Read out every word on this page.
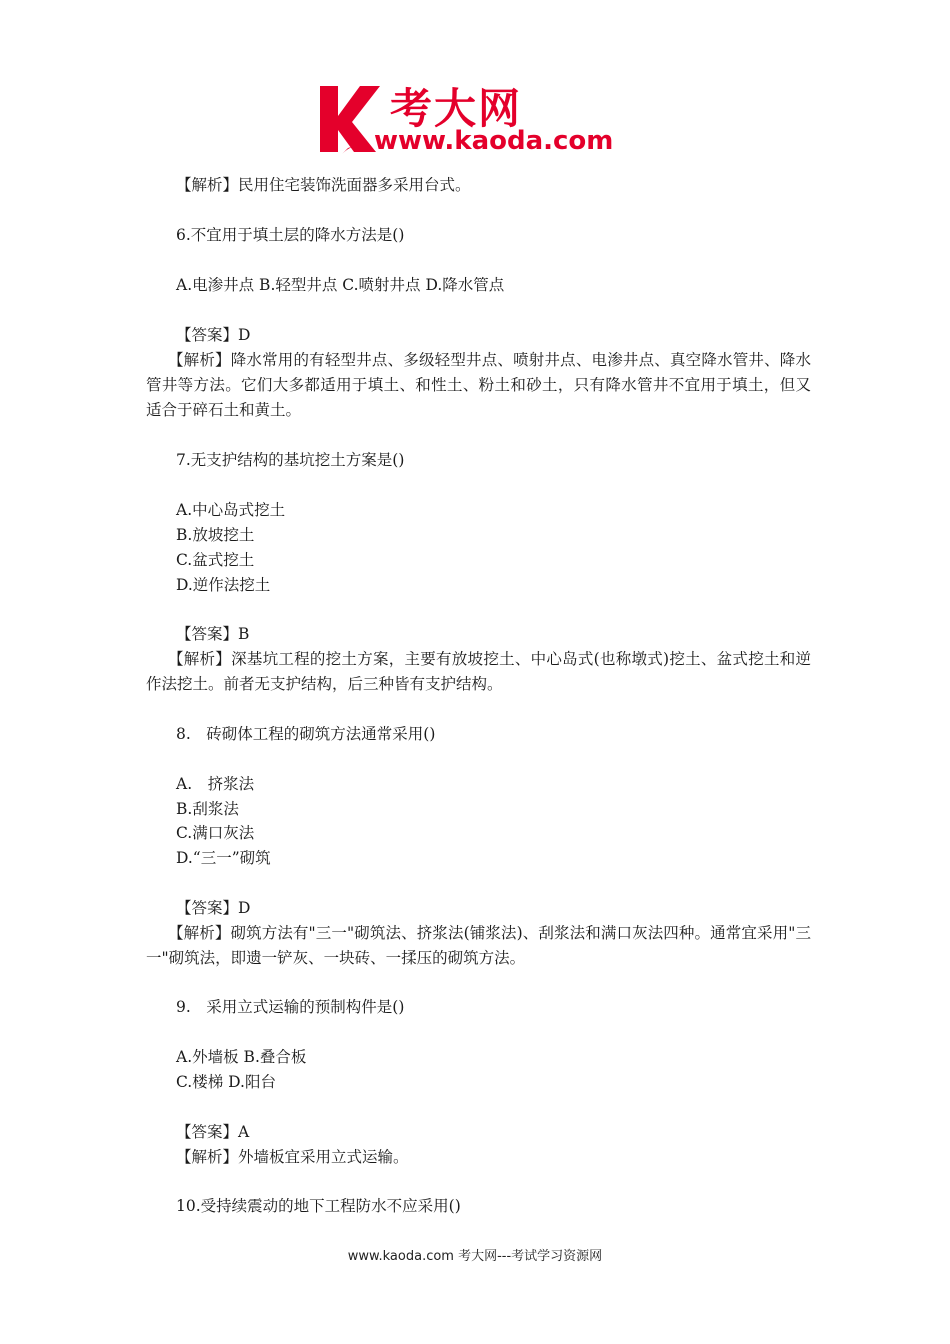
考大网
www.kaoda.com
【解析】民用住宅装饰洗面器多采用台式。
6.不宜用于填土层的降水方法是()
A.电渗井点 B.轻型井点 C.喷射井点 D.降水管点
【答案】D
【解析】降水常用的有轻型井点、多级轻型井点、喷射井点、电渗井点、真空降水管井、降水管井等方法。它们大多都适用于填土、和性土、粉土和砂土，只有降水管井不宜用于填土，但又适合于碎石土和黄土。
7.无支护结构的基坑挖土方案是()
A.中心岛式挖土
B.放坡挖土
C.盆式挖土
D.逆作法挖土
【答案】B
【解析】深基坑工程的挖土方案，主要有放坡挖土、中心岛式(也称墩式)挖土、盆式挖土和逆作法挖土。前者无支护结构，后三种皆有支护结构。
8.　砖砌体工程的砌筑方法通常采用()
A.　挤浆法
B.刮浆法
C.满口灰法
D.“三一”砌筑
【答案】D
【解析】砌筑方法有"三一"砌筑法、挤浆法(铺浆法)、刮浆法和满口灰法四种。通常宜采用"三一"砌筑法，即遗一铲灰、一块砖、一揉压的砌筑方法。
9.　采用立式运输的预制构件是()
A.外墙板 B.叠合板
C.楼梯 D.阳台
【答案】A
【解析】外墙板宜采用立式运输。
10.受持续震动的地下工程防水不应采用()
www.kaoda.com 考大网---考试学习资源网
